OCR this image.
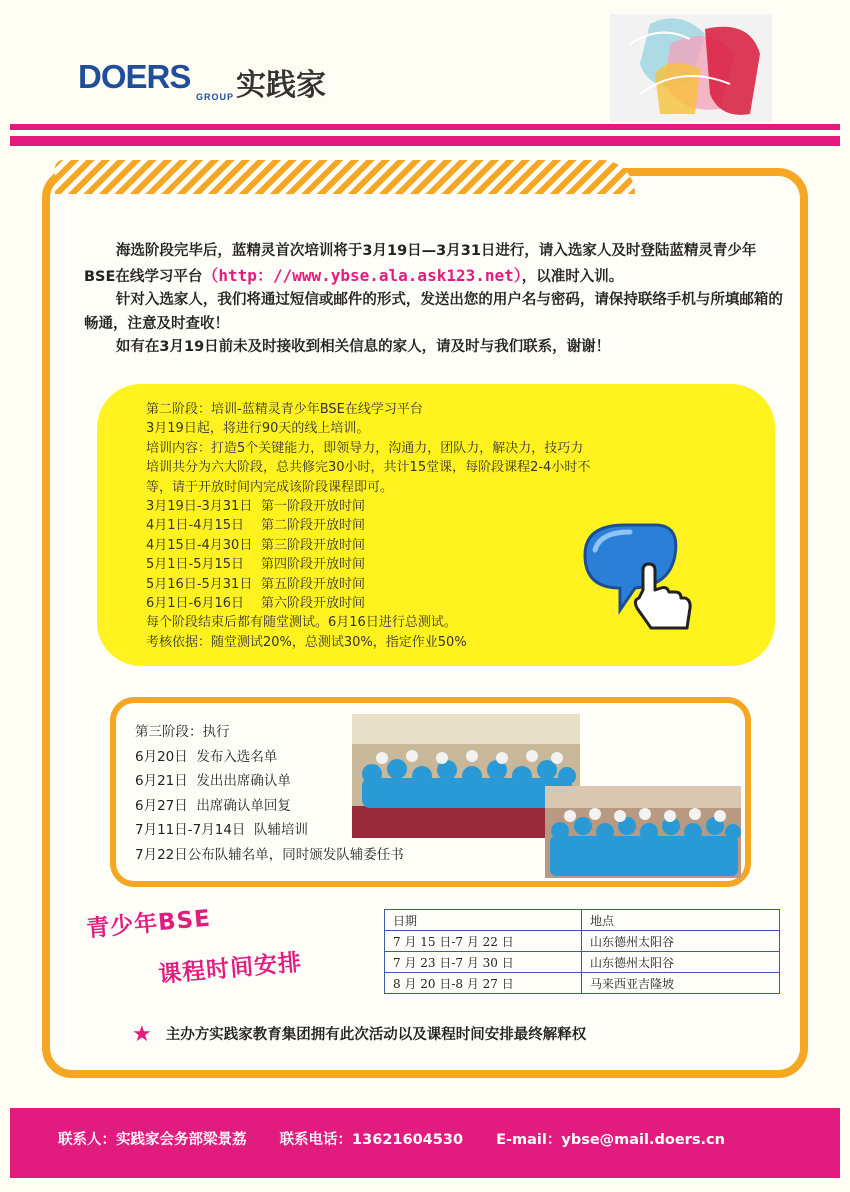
DOERS
GROUP 实践家

海选阶段完毕后，蓝精灵首次培训将于3月19日—3月31日进行，请入选家人及时登陆蓝精灵青少年BSE在线学习平台（http：//www.ybse.ala.ask123.net），以准时入训。

针对入选家人，我们将通过短信或邮件的形式，发送出您的用户名与密码，请保持联络手机与所填邮箱的畅通，注意及时查收！

如有在3月19日前未及时接收到相关信息的家人，请及时与我们联系，谢谢！

第二阶段：培训-蓝精灵青少年BSE在线学习平台
3月19日起，将进行90天的线上培训。
培训内容：打造5个关键能力，即领导力，沟通力，团队力，解决力，技巧力
培训共分为六大阶段，总共修完30小时，共计15堂课，每阶段课程2-4小时不
等，请于开放时间内完成该阶段课程即可。
3月19日-3月31日 第一阶段开放时间
4月1日-4月15日 第二阶段开放时间
4月15日-4月30日 第三阶段开放时间
5月1日-5月15日 第四阶段开放时间
5月16日-5月31日 第五阶段开放时间
6月1日-6月16日 第六阶段开放时间
每个阶段结束后都有随堂测试。6月16日进行总测试。
考核依据：随堂测试20%，总测试30%，指定作业50%
第三阶段：执行
6月20日  发布入选名单
6月21日  发出出席确认单
6月27日  出席确认单回复
7月11日-7月14日  队辅培训
7月22日公布队辅名单，同时颁发队辅委任书
青少年BSE
课程时间安排
日期	地点
7 月 15 日-7 月 22 日	山东德州太阳谷
7 月 23 日-7 月 30 日	山东德州太阳谷
8 月 20 日-8 月 27 日	马来西亚吉隆坡
★ 主办方实践家教育集团拥有此次活动以及课程时间安排最终解释权
联系人：实践家会务部梁景荔 联系电话：13621604530 E-mail：ybse@mail.doers.cn
